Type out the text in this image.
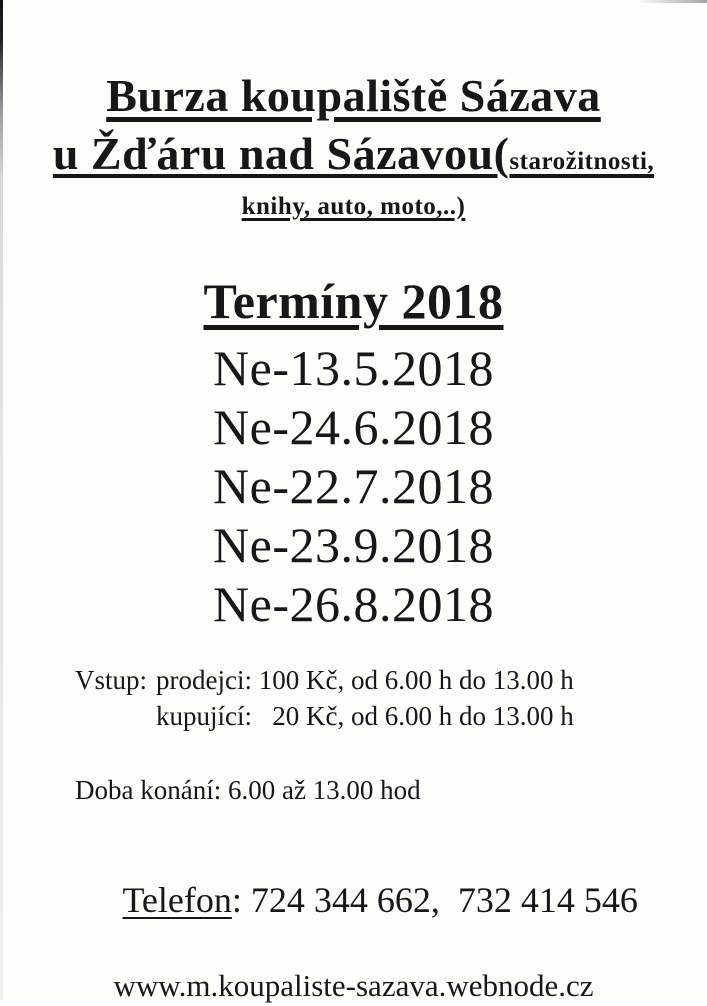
Burza koupaliště Sázava
u Žďáru nad Sázavou(starožitnosti,
knihy, auto, moto,..)
Termíny 2018
Ne-13.5.2018
Ne-24.6.2018
Ne-22.7.2018
Ne-23.9.2018
Ne-26.8.2018
Vstup: prodejci: 100 Kč, od 6.00 h do 13.00 h
kupující:   20 Kč, od 6.00 h do 13.00 h
Doba konání: 6.00 až 13.00 hod

Telefon: 724 344 662,  732 414 546

www.m.koupaliste-sazava.webnode.cz
